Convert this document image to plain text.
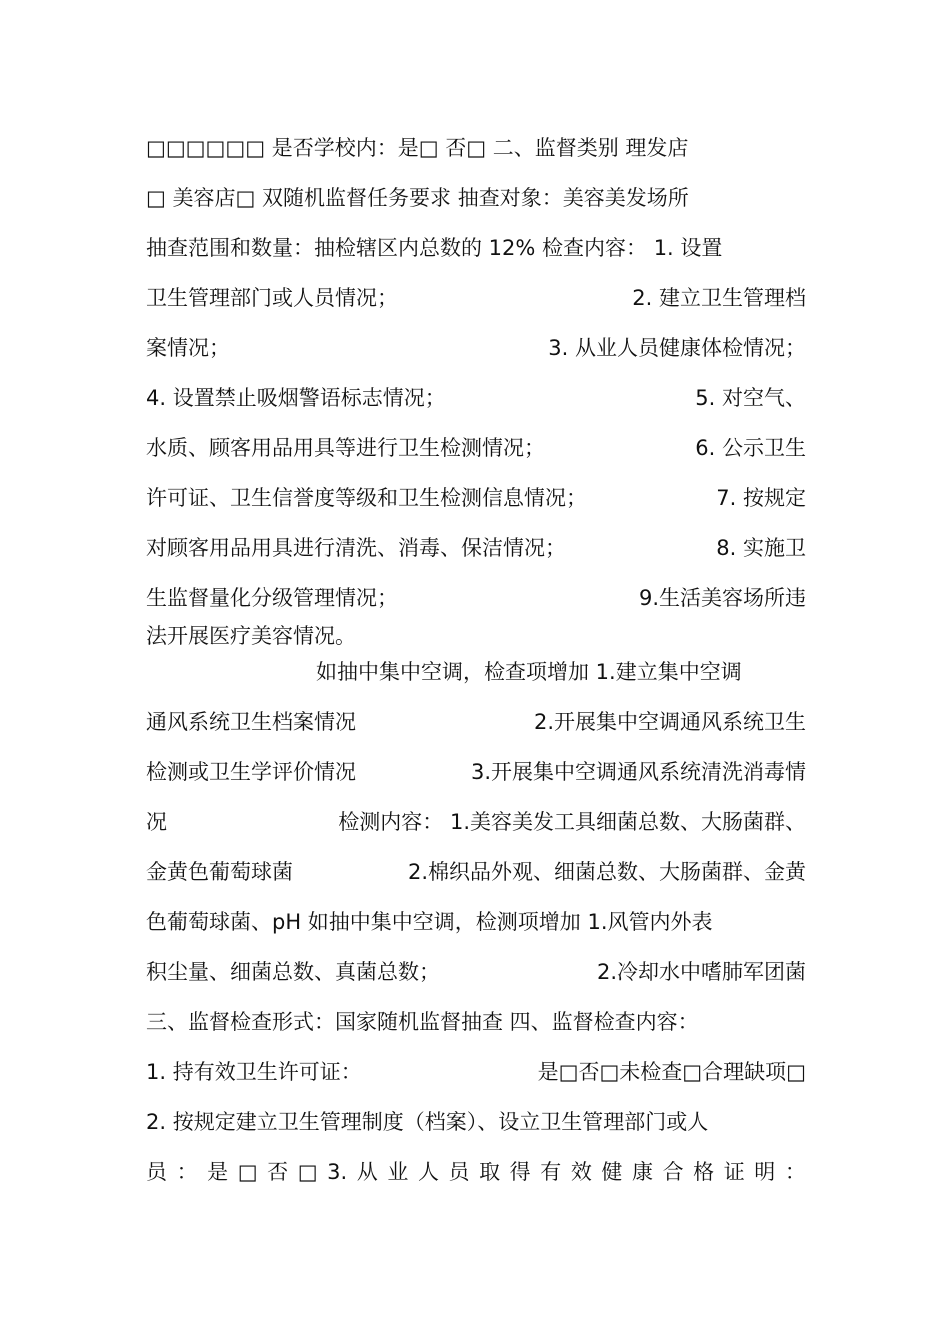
□□□□□□ 是否学校内：是□ 否□ 二、监督类别 理发店
□ 美容店□ 双随机监督任务要求 抽查对象：美容美发场所
抽查范围和数量：抽检辖区内总数的 12% 检查内容： 1. 设置
卫生管理部门或人员情况；	2. 建立卫生管理档
案情况；	3. 从业人员健康体检情况；
4. 设置禁止吸烟警语标志情况；	5. 对空气、
水质、顾客用品用具等进行卫生检测情况；	6. 公示卫生
许可证、卫生信誉度等级和卫生检测信息情况；	7. 按规定
对顾客用品用具进行清洗、消毒、保洁情况；	8. 实施卫
生监督量化分级管理情况；	9.生活美容场所违
法开展医疗美容情况。
如抽中集中空调，检查项增加 1.建立集中空调
通风系统卫生档案情况	2.开展集中空调通风系统卫生
检测或卫生学评价情况	3.开展集中空调通风系统清洗消毒情
况	检测内容： 1.美容美发工具细菌总数、大肠菌群、
金黄色葡萄球菌	2.棉织品外观、细菌总数、大肠菌群、金黄
色葡萄球菌、pH 如抽中集中空调，检测项增加 1.风管内外表
积尘量、细菌总数、真菌总数；	2.冷却水中嗜肺军团菌
三、监督检查形式：国家随机监督抽查 四、监督检查内容：
1. 持有效卫生许可证：	是□否□未检查□合理缺项□
2. 按规定建立卫生管理制度（档案）、设立卫生管理部门或人
员 ： 是 □ 否 □ 3. 从 业 人 员 取 得 有 效 健 康 合 格 证 明 ：
